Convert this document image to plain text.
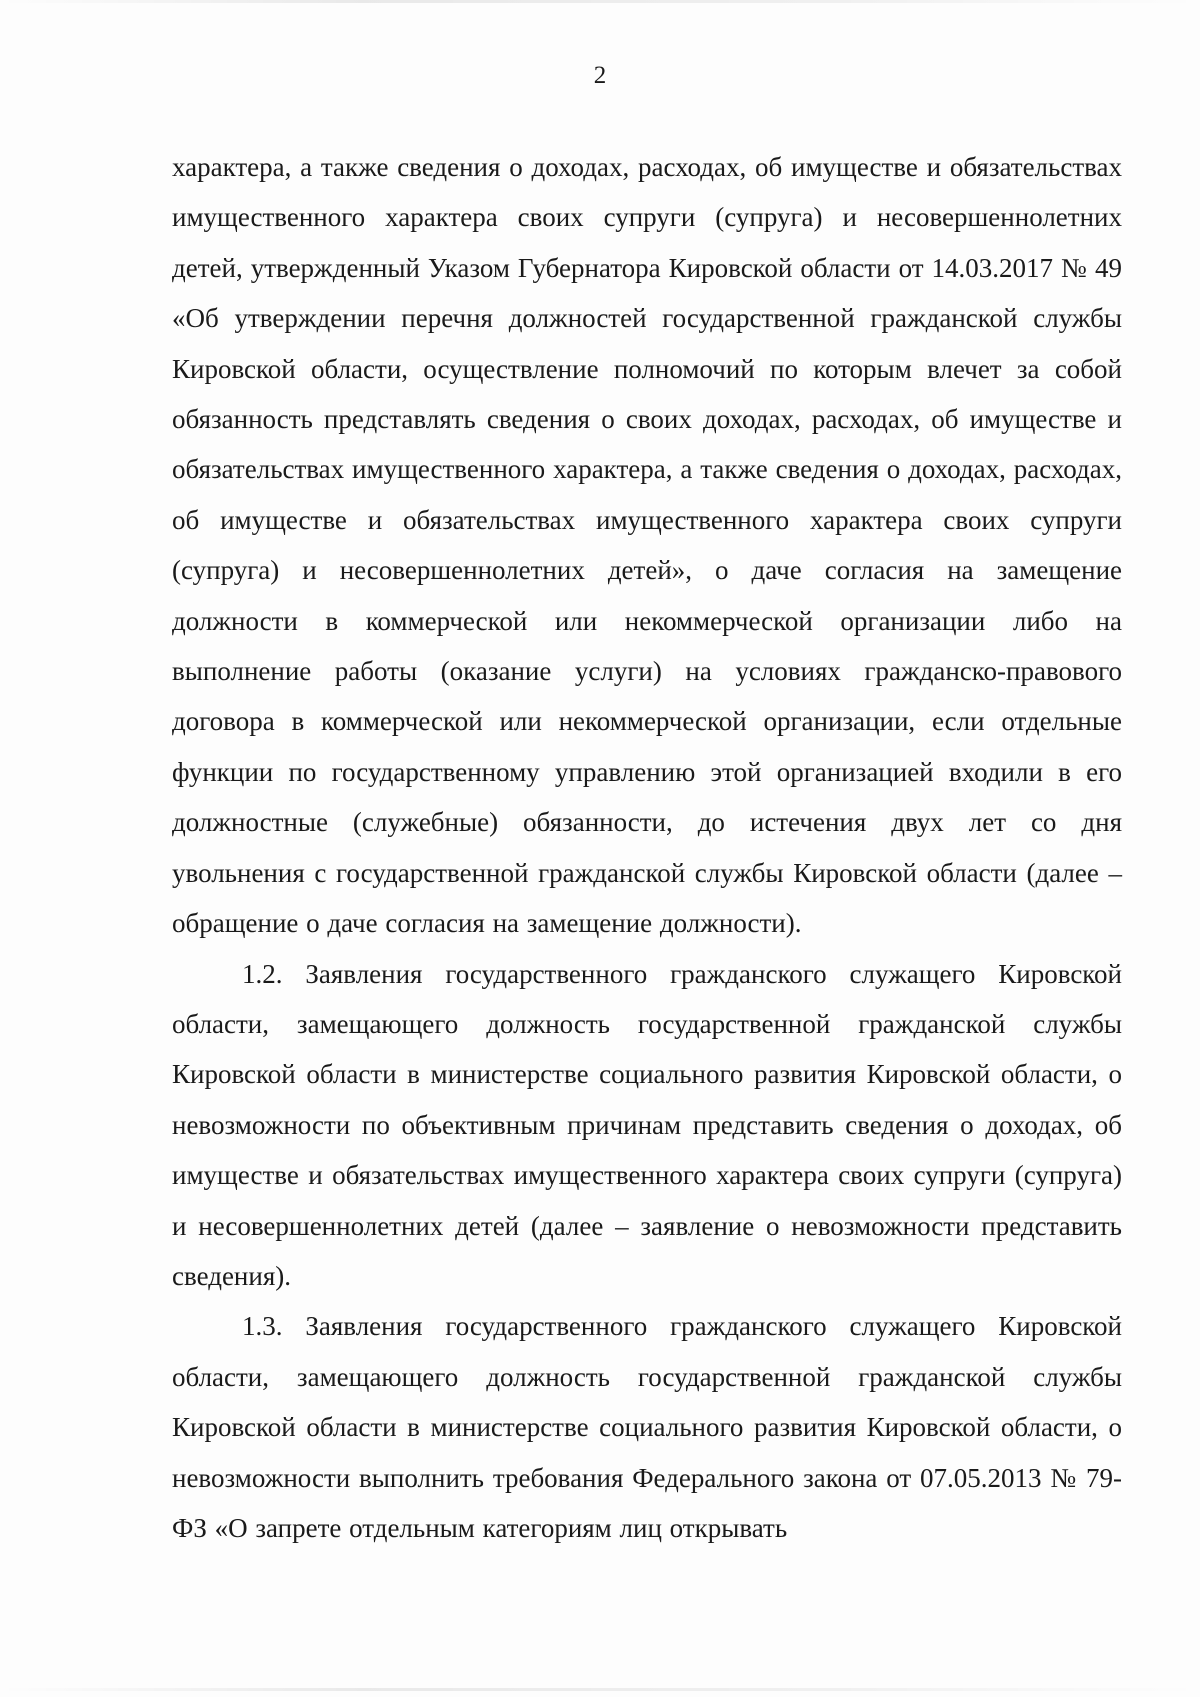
2

характера, а также сведения о доходах, расходах, об имуществе и обязательствах имущественного характера своих супруги (супруга) и несовершеннолетних детей, утвержденный Указом Губернатора Кировской области от 14.03.2017 № 49 «Об утверждении перечня должностей государственной гражданской службы Кировской области, осуществление полномочий по которым влечет за собой обязанность представлять сведения о своих доходах, расходах, об имуществе и обязательствах имущественного характера, а также сведения о доходах, расходах, об имуществе и обязательствах имущественного характера своих супруги (супруга) и несовершеннолетних детей», о даче согласия на замещение должности в коммерческой или некоммерческой организации либо на выполнение работы (оказание услуги) на условиях гражданско-правового договора в коммерческой или некоммерческой организации, если отдельные функции по государственному управлению этой организацией входили в его должностные (служебные) обязанности, до истечения двух лет со дня увольнения с государственной гражданской службы Кировской области (далее – обращение о даче согласия на замещение должности).

1.2. Заявления государственного гражданского служащего Кировской области, замещающего должность государственной гражданской службы Кировской области в министерстве социального развития Кировской области, о невозможности по объективным причинам представить сведения о доходах, об имуществе и обязательствах имущественного характера своих супруги (супруга) и несовершеннолетних детей (далее – заявление о невозможности представить сведения).

1.3. Заявления государственного гражданского служащего Кировской области, замещающего должность государственной гражданской службы Кировской области в министерстве социального развития Кировской области, о невозможности выполнить требования Федерального закона от 07.05.2013 № 79-ФЗ «О запрете отдельным категориям лиц открывать
